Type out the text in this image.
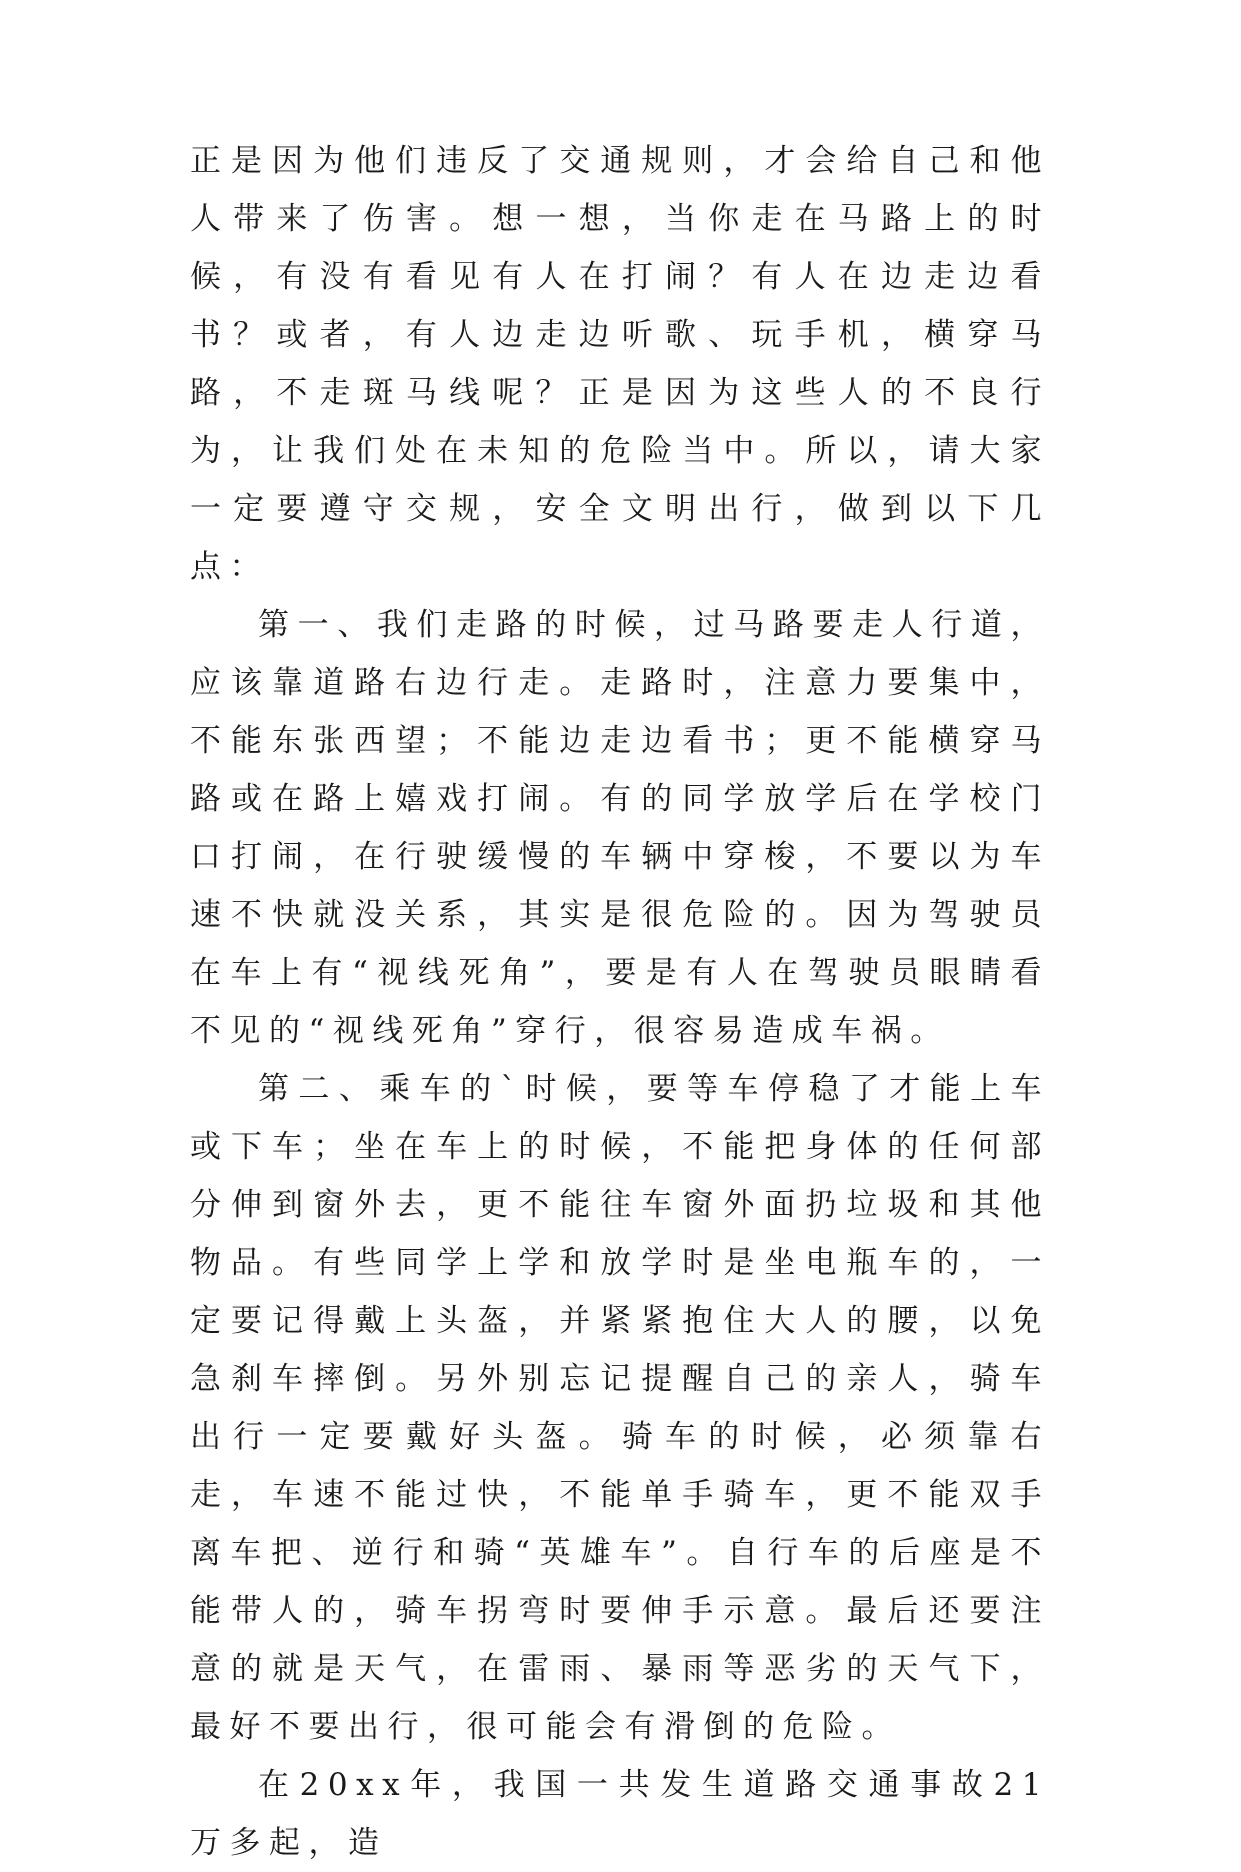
正是因为他们违反了交通规则，才会给自己和他人带来了伤害。想一想，当你走在马路上的时候，有没有看见有人在打闹？有人在边走边看书？或者，有人边走边听歌、玩手机，横穿马路，不走斑马线呢？正是因为这些人的不良行为，让我们处在未知的危险当中。所以，请大家一定要遵守交规，安全文明出行，做到以下几点：

第一、我们走路的时候，过马路要走人行道，应该靠道路右边行走。走路时，注意力要集中，不能东张西望；不能边走边看书；更不能横穿马路或在路上嬉戏打闹。有的同学放学后在学校门口打闹，在行驶缓慢的车辆中穿梭，不要以为车速不快就没关系，其实是很危险的。因为驾驶员在车上有“视线死角”，要是有人在驾驶员眼睛看不见的“视线死角”穿行，很容易造成车祸。

第二、乘车的`时候，要等车停稳了才能上车或下车；坐在车上的时候，不能把身体的任何部分伸到窗外去，更不能往车窗外面扔垃圾和其他物品。有些同学上学和放学时是坐电瓶车的，一定要记得戴上头盔，并紧紧抱住大人的腰，以免急刹车摔倒。另外别忘记提醒自己的亲人，骑车出行一定要戴好头盔。骑车的时候，必须靠右走，车速不能过快，不能单手骑车，更不能双手离车把、逆行和骑“英雄车”。自行车的后座是不能带人的，骑车拐弯时要伸手示意。最后还要注意的就是天气，在雷雨、暴雨等恶劣的天气下，最好不要出行，很可能会有滑倒的危险。

在20xx年，我国一共发生道路交通事故21万多起，造
